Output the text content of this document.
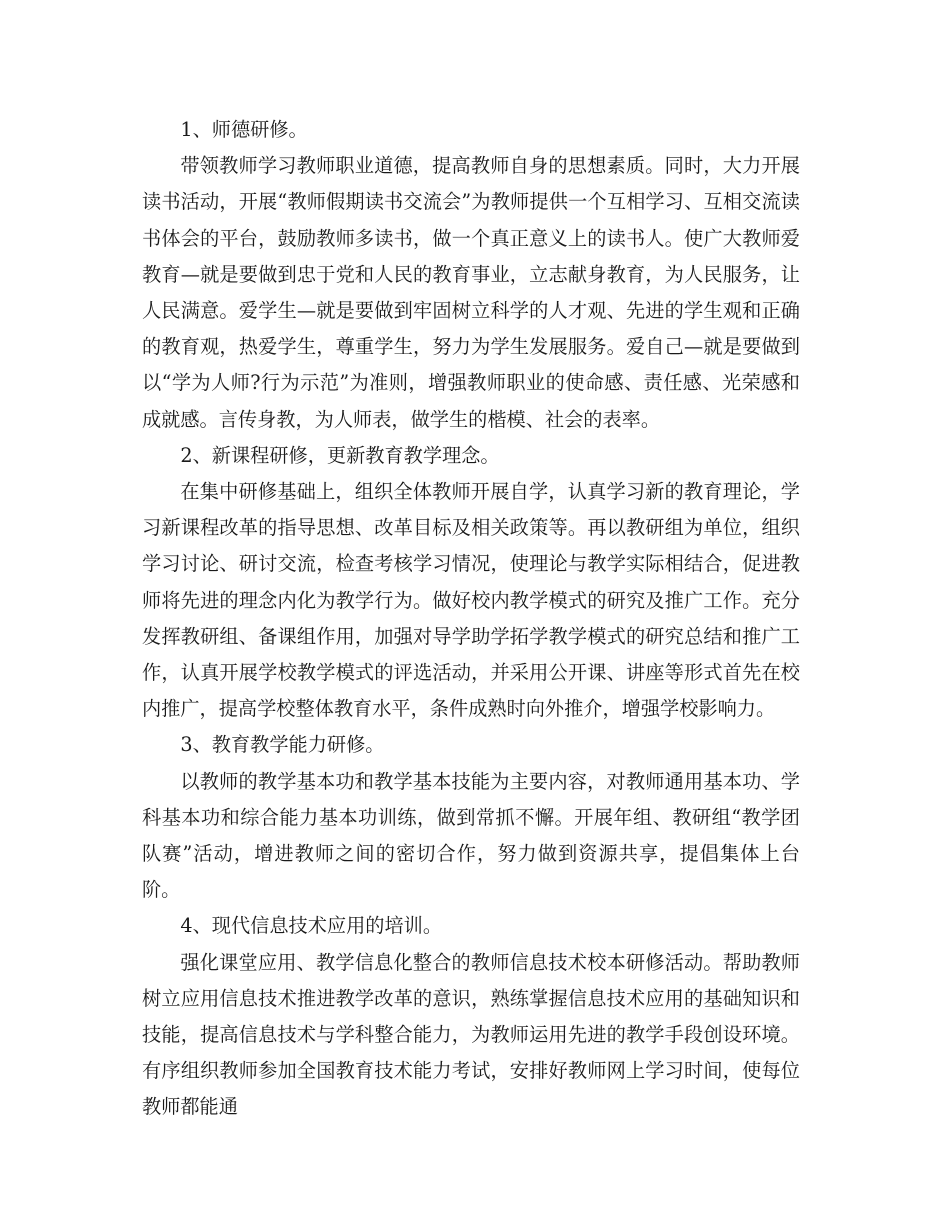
1、师德研修。

带领教师学习教师职业道德，提高教师自身的思想素质。同时，大力开展读书活动，开展“教师假期读书交流会”为教师提供一个互相学习、互相交流读书体会的平台，鼓励教师多读书，做一个真正意义上的读书人。使广大教师爱教育—就是要做到忠于党和人民的教育事业，立志献身教育，为人民服务，让人民满意。爱学生—就是要做到牢固树立科学的人才观、先进的学生观和正确的教育观，热爱学生，尊重学生，努力为学生发展服务。爱自己—就是要做到以“学为人师?行为示范”为准则，增强教师职业的使命感、责任感、光荣感和成就感。言传身教，为人师表，做学生的楷模、社会的表率。

2、新课程研修，更新教育教学理念。

在集中研修基础上，组织全体教师开展自学，认真学习新的教育理论，学习新课程改革的指导思想、改革目标及相关政策等。再以教研组为单位，组织学习讨论、研讨交流，检查考核学习情况，使理论与教学实际相结合，促进教师将先进的理念内化为教学行为。做好校内教学模式的研究及推广工作。充分发挥教研组、备课组作用，加强对导学助学拓学教学模式的研究总结和推广工作，认真开展学校教学模式的评选活动，并采用公开课、讲座等形式首先在校内推广，提高学校整体教育水平，条件成熟时向外推介，增强学校影响力。

3、教育教学能力研修。

以教师的教学基本功和教学基本技能为主要内容，对教师通用基本功、学科基本功和综合能力基本功训练，做到常抓不懈。开展年组、教研组“教学团队赛”活动，增进教师之间的密切合作，努力做到资源共享，提倡集体上台阶。

4、现代信息技术应用的培训。

强化课堂应用、教学信息化整合的教师信息技术校本研修活动。帮助教师树立应用信息技术推进教学改革的意识，熟练掌握信息技术应用的基础知识和技能，提高信息技术与学科整合能力，为教师运用先进的教学手段创设环境。有序组织教师参加全国教育技术能力考试，安排好教师网上学习时间，使每位教师都能通
